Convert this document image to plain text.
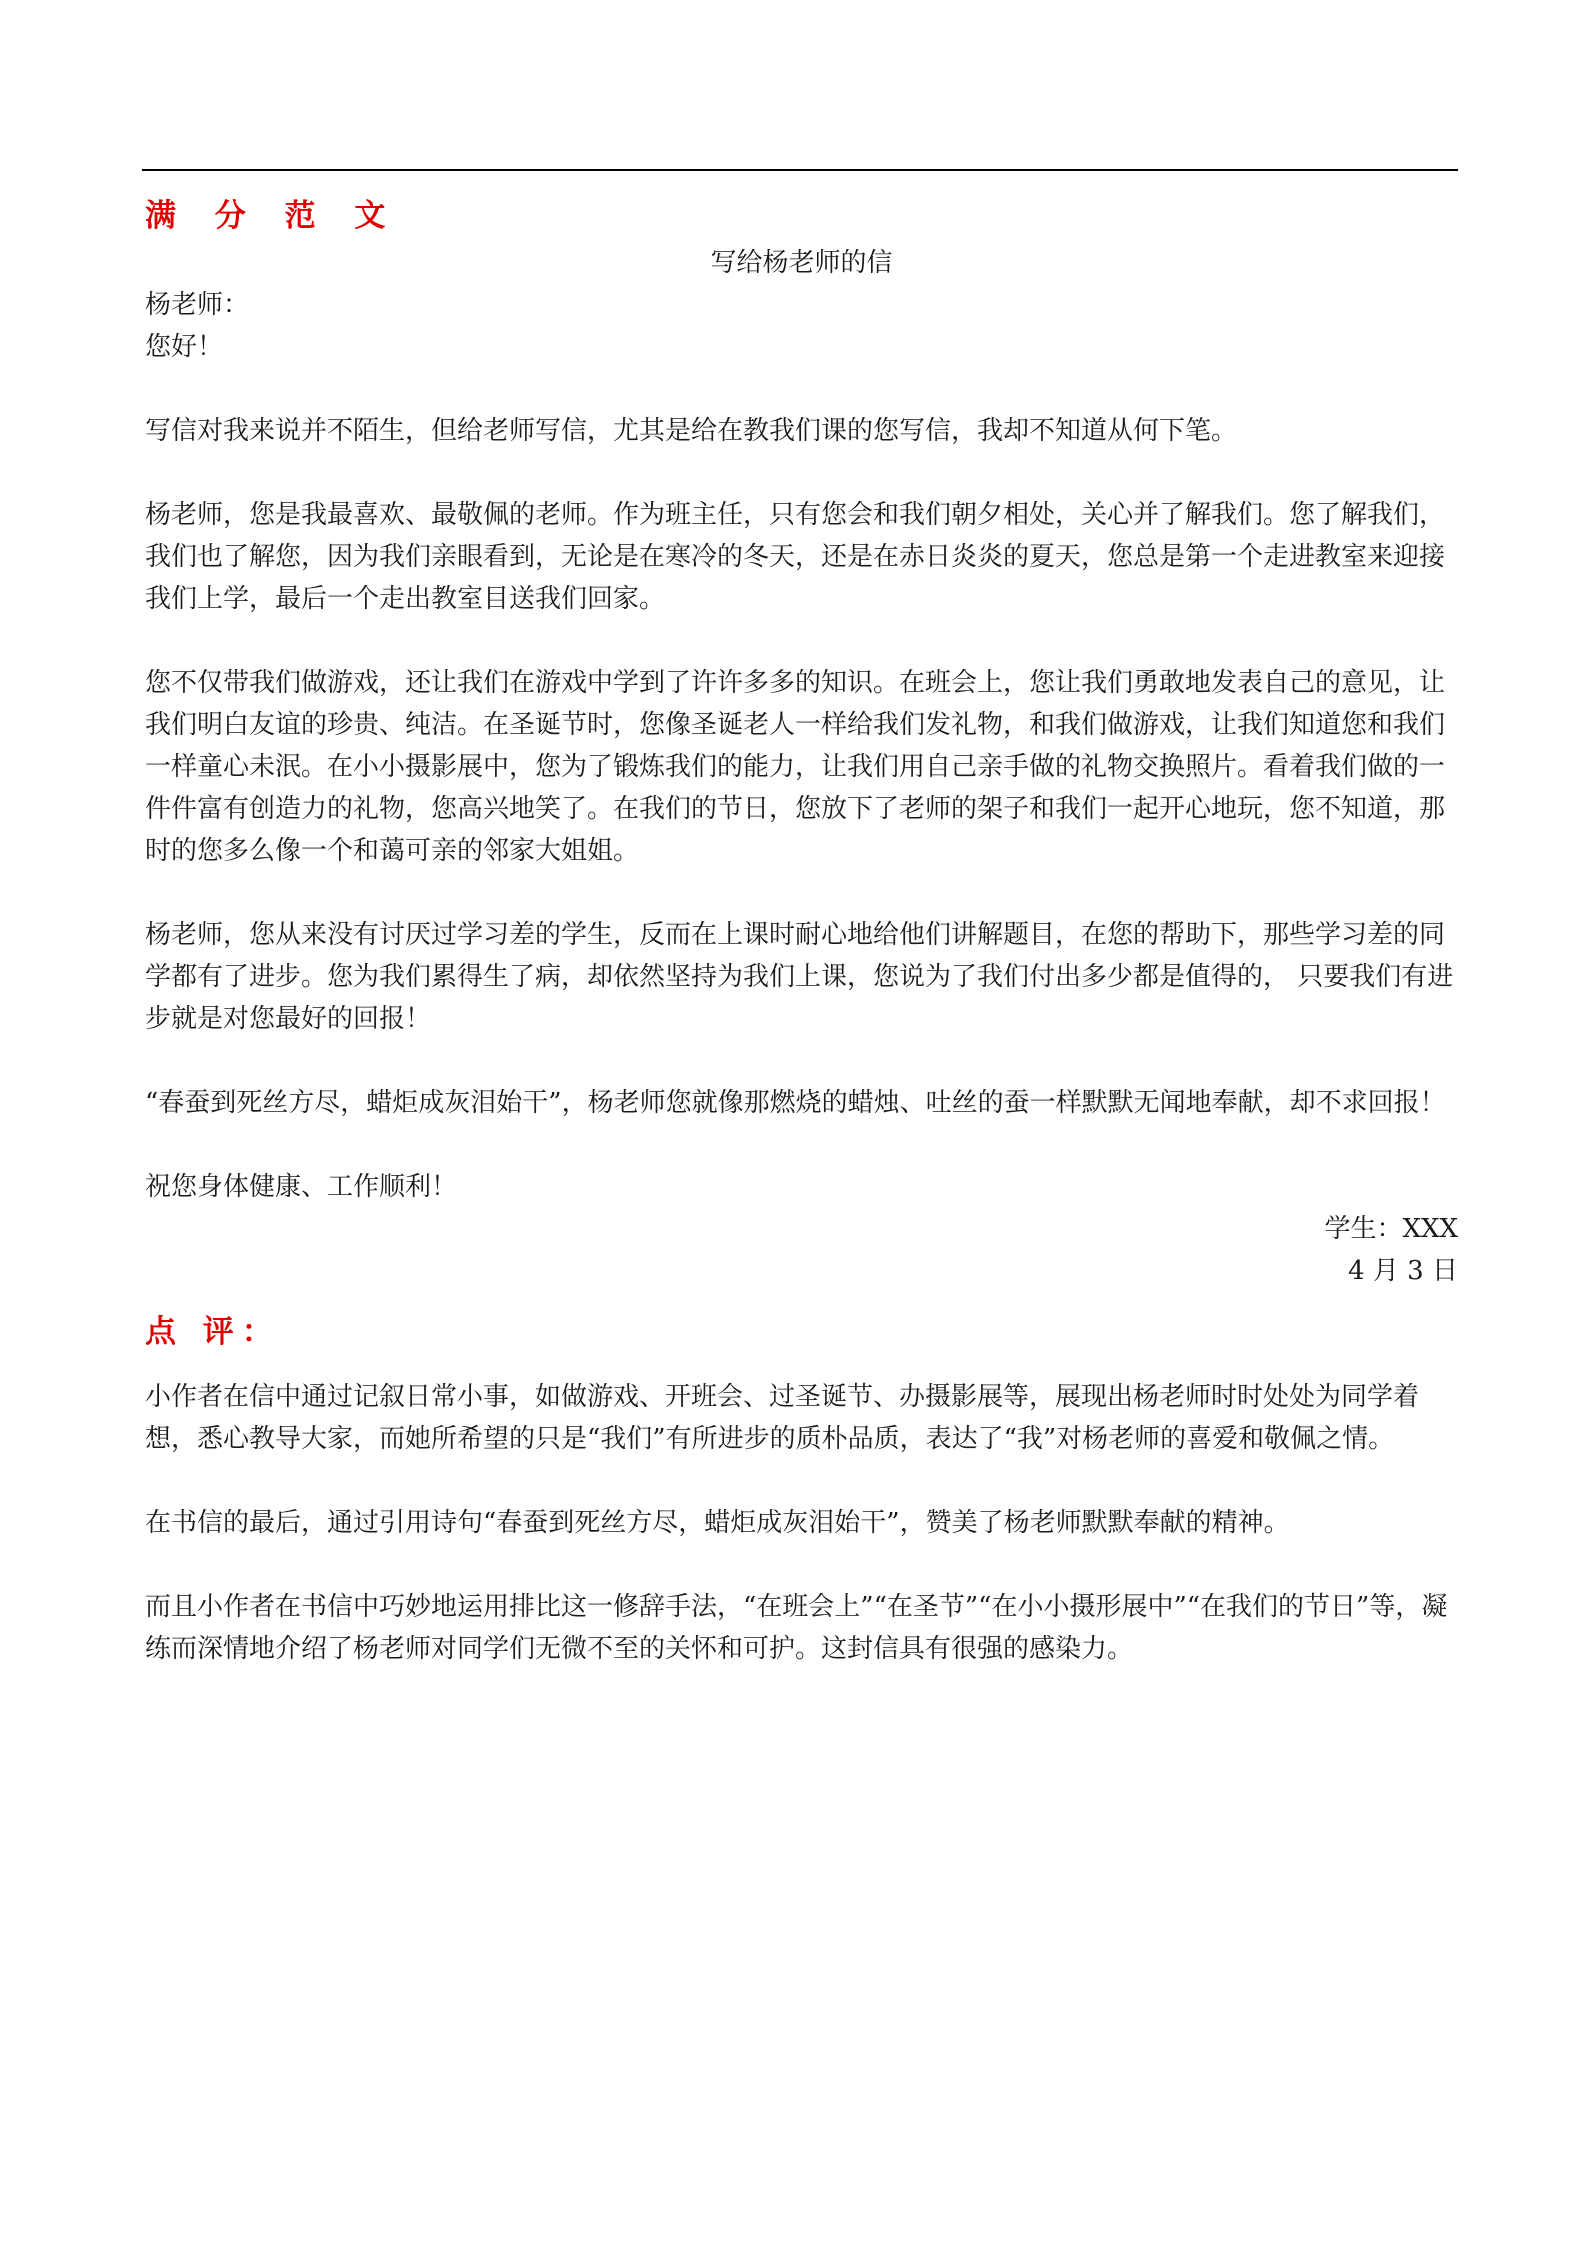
满 分 范 文
写给杨老师的信

杨老师：

您好！

写信对我来说并不陌生，但给老师写信，尤其是给在教我们课的您写信，我却不知道从何下笔。

杨老师，您是我最喜欢、最敬佩的老师。作为班主任，只有您会和我们朝夕相处，关心并了解我们。您了解我们，我们也了解您，因为我们亲眼看到，无论是在寒冷的冬天，还是在赤日炎炎的夏天，您总是第一个走进教室来迎接我们上学，最后一个走出教室目送我们回家。

您不仅带我们做游戏，还让我们在游戏中学到了许许多多的知识。在班会上，您让我们勇敢地发表自己的意见，让我们明白友谊的珍贵、纯洁。在圣诞节时，您像圣诞老人一样给我们发礼物，和我们做游戏，让我们知道您和我们一样童心未泯。在小小摄影展中，您为了锻炼我们的能力，让我们用自己亲手做的礼物交换照片。看着我们做的一件件富有创造力的礼物，您高兴地笑了。在我们的节日，您放下了老师的架子和我们一起开心地玩，您不知道，那时的您多么像一个和蔼可亲的邻家大姐姐。

杨老师，您从来没有讨厌过学习差的学生，反而在上课时耐心地给他们讲解题目，在您的帮助下，那些学习差的同学都有了进步。您为我们累得生了病，却依然坚持为我们上课，您说为了我们付出多少都是值得的， 只要我们有进步就是对您最好的回报！

“春蚕到死丝方尽，蜡炬成灰泪始干”，杨老师您就像那燃烧的蜡烛、吐丝的蚕一样默默无闻地奉献，却不求回报！

祝您身体健康、工作顺利！

学生：XXX

4 月 3 日

点 评：

小作者在信中通过记叙日常小事，如做游戏、开班会、过圣诞节、办摄影展等，展现出杨老师时时处处为同学着想，悉心教导大家，而她所希望的只是“我们”有所进步的质朴品质，表达了“我”对杨老师的喜爱和敬佩之情。

在书信的最后，通过引用诗句“春蚕到死丝方尽，蜡炬成灰泪始干”，赞美了杨老师默默奉献的精神。

而且小作者在书信中巧妙地运用排比这一修辞手法，“在班会上”“在圣节”“在小小摄形展中”“在我们的节日”等，凝练而深情地介绍了杨老师对同学们无微不至的关怀和可护。这封信具有很强的感染力。
